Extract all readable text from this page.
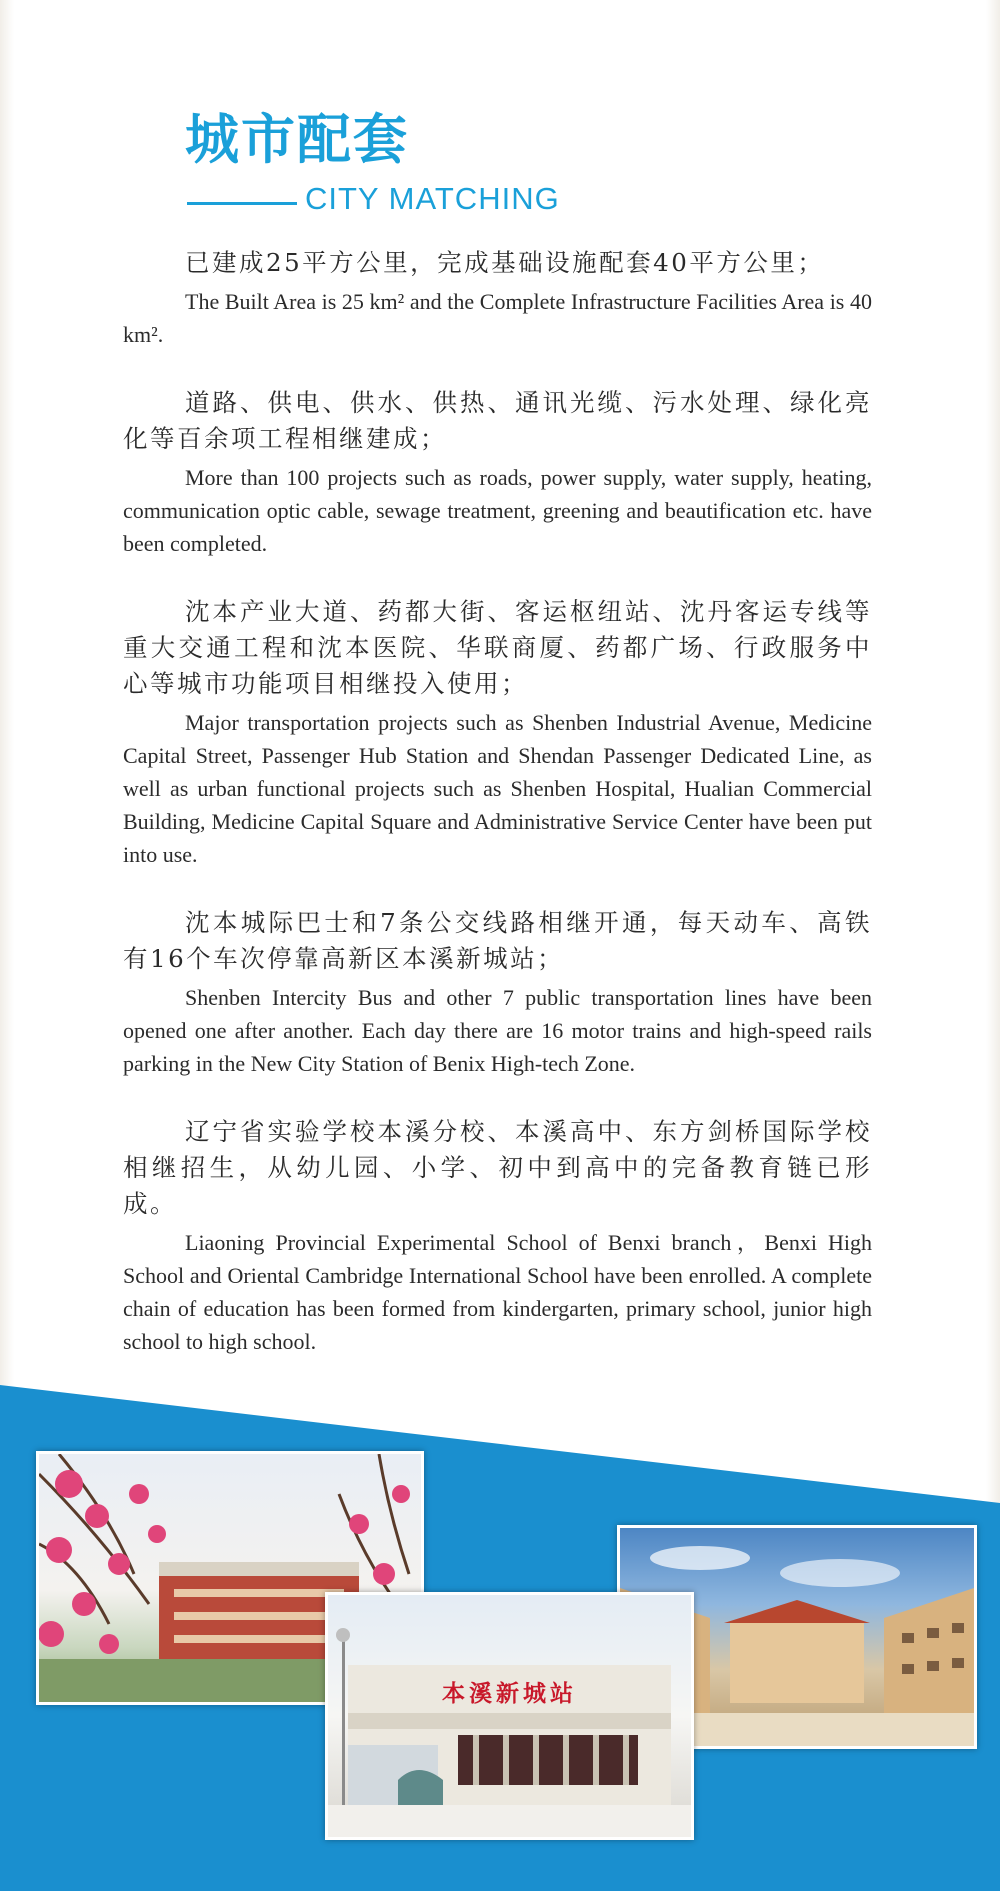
城市配套
CITY MATCHING

已建成25平方公里，完成基础设施配套40平方公里；

The Built Area is 25 km² and the Complete Infrastructure Facilities Area is 40 km².

道路、供电、供水、供热、通讯光缆、污水处理、绿化亮化等百余项工程相继建成；

More than 100 projects such as roads, power supply, water supply, heating, communication optic cable, sewage treatment, greening and beautification etc. have been completed.

沈本产业大道、药都大街、客运枢纽站、沈丹客运专线等重大交通工程和沈本医院、华联商厦、药都广场、行政服务中心等城市功能项目相继投入使用；

Major transportation projects such as Shenben Industrial Avenue, Medicine Capital Street, Passenger Hub Station and Shendan Passenger Dedicated Line, as well as urban functional projects such as Shenben Hospital, Hualian Commercial Building, Medicine Capital Square and Administrative Service Center have been put into use.

沈本城际巴士和7条公交线路相继开通，每天动车、高铁有16个车次停靠高新区本溪新城站；

Shenben Intercity Bus and other 7 public transportation lines have been opened one after another. Each day there are 16 motor trains and high-speed rails parking in the New City Station of Benix High-tech Zone.

辽宁省实验学校本溪分校、本溪高中、东方剑桥国际学校相继招生，从幼儿园、小学、初中到高中的完备教育链已形成。

Liaoning Provincial Experimental School of Benxi branch，Benxi High School and Oriental Cambridge International School have been enrolled. A complete chain of education has been formed from kindergarten, primary school, junior high school to high school.

本溪新城站
